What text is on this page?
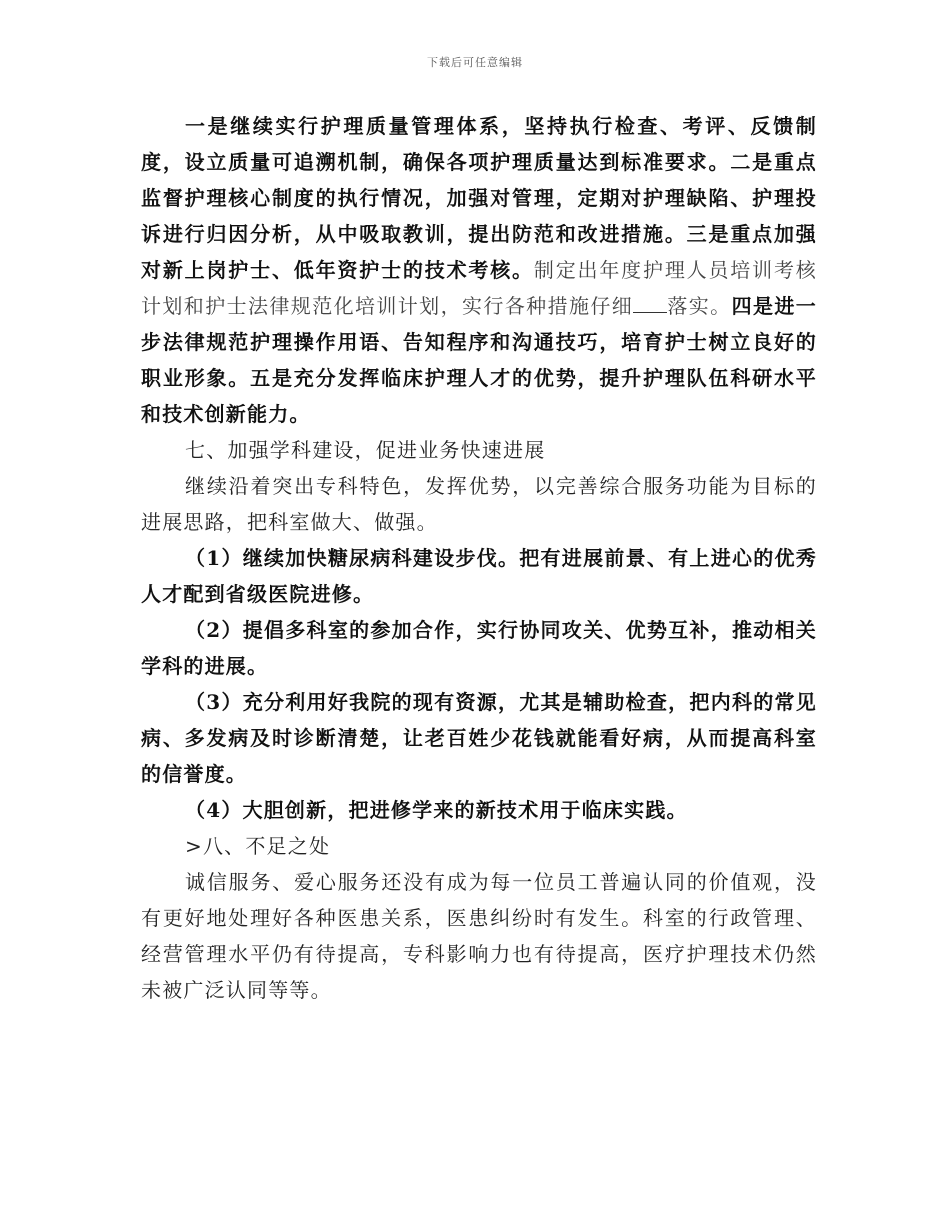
下载后可任意编辑

一是继续实行护理质量管理体系，坚持执行检查、考评、反馈制度，设立质量可追溯机制，确保各项护理质量达到标准要求。二是重点监督护理核心制度的执行情况，加强对管理，定期对护理缺陷、护理投诉进行归因分析，从中吸取教训，提出防范和改进措施。三是重点加强对新上岗护士、低年资护士的技术考核。制定出年度护理人员培训考核计划和护士法律规范化培训计划，实行各种措施仔细 落实。四是进一步法律规范护理操作用语、告知程序和沟通技巧，培育护士树立良好的职业形象。五是充分发挥临床护理人才的优势，提升护理队伍科研水平和技术创新能力。

七、加强学科建设，促进业务快速进展

继续沿着突出专科特色，发挥优势，以完善综合服务功能为目标的进展思路，把科室做大、做强。

（1）继续加快糖尿病科建设步伐。把有进展前景、有上进心的优秀人才配到省级医院进修。

（2）提倡多科室的参加合作，实行协同攻关、优势互补，推动相关学科的进展。

（3）充分利用好我院的现有资源，尤其是辅助检查，把内科的常见病、多发病及时诊断清楚，让老百姓少花钱就能看好病，从而提高科室的信誉度。

（4）大胆创新，把进修学来的新技术用于临床实践。

>八、不足之处

诚信服务、爱心服务还没有成为每一位员工普遍认同的价值观，没有更好地处理好各种医患关系，医患纠纷时有发生。科室的行政管理、经营管理水平仍有待提高，专科影响力也有待提高，医疗护理技术仍然未被广泛认同等等。
